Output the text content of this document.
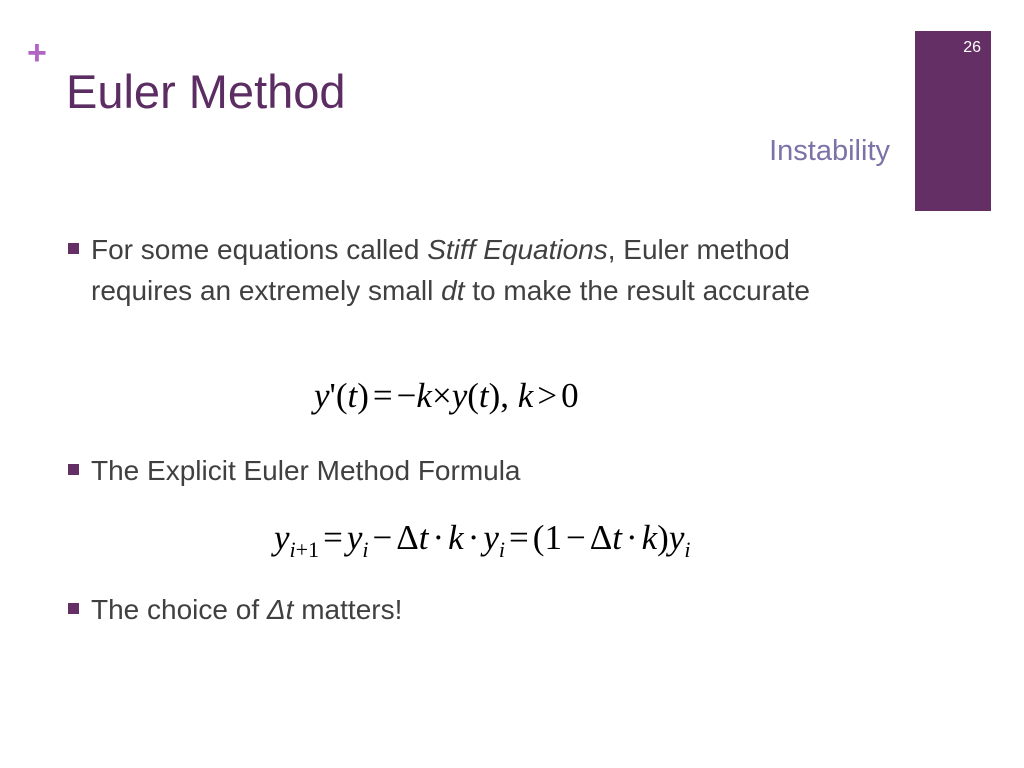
+
Euler Method
Instability
26
For some equations called Stiff Equations, Euler method requires an extremely small dt to make the result accurate
y'(t) = −k×y(t), k > 0
The Explicit Euler Method Formula
$y_{i+1} = y_i - \Delta t \cdot k \cdot y_i = (1 - \Delta t \cdot k)y_i$
The choice of Δt matters!
